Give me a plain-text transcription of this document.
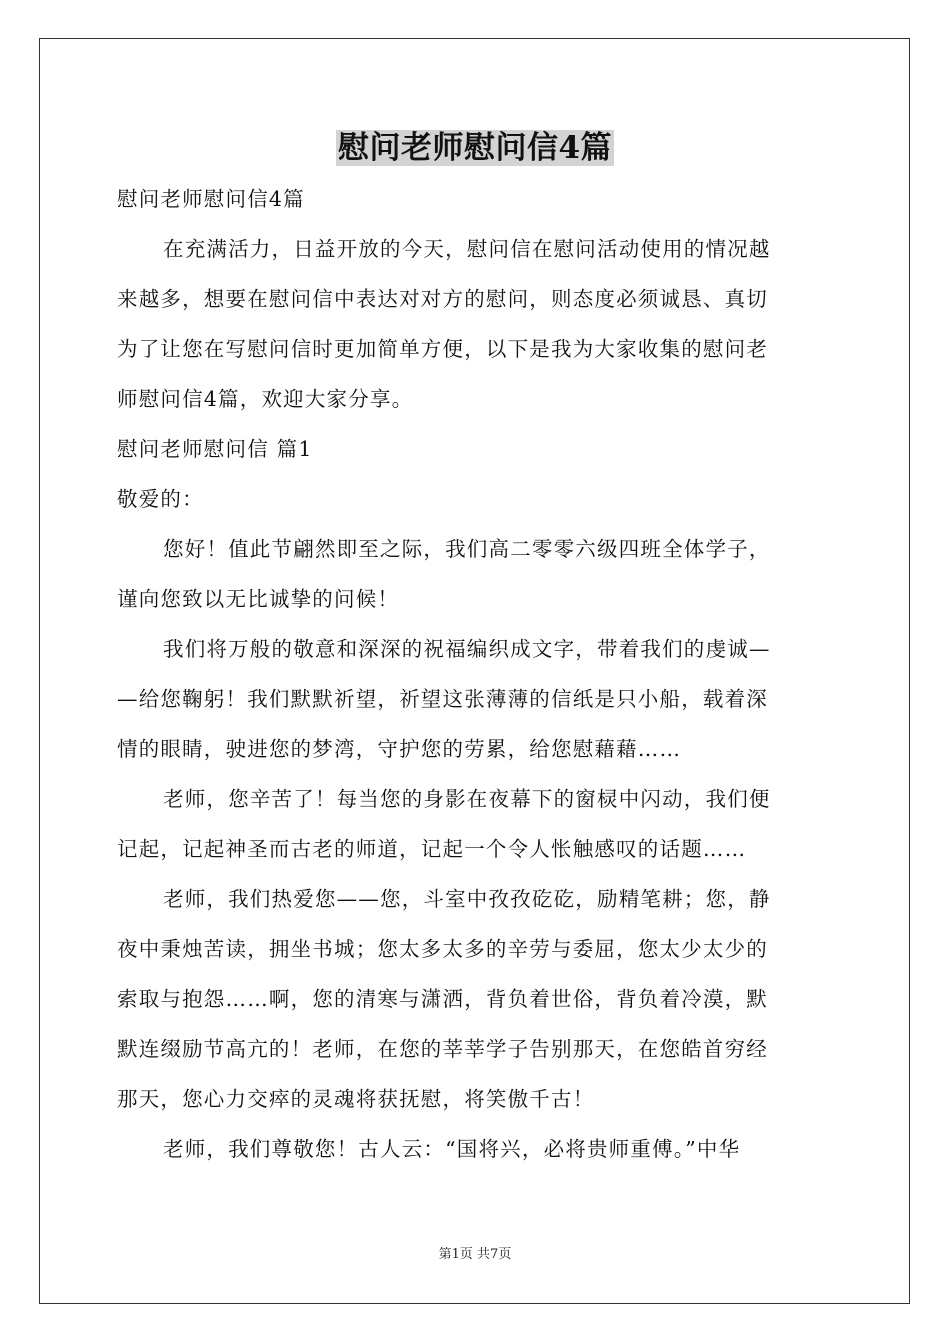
慰问老师慰问信4篇
慰问老师慰问信4篇
在充满活力，日益开放的今天，慰问信在慰问活动使用的情况越
来越多，想要在慰问信中表达对对方的慰问，则态度必须诚恳、真切
为了让您在写慰问信时更加简单方便，以下是我为大家收集的慰问老
师慰问信4篇，欢迎大家分享。
慰问老师慰问信 篇1
敬爱的：
您好！值此节翩然即至之际，我们高二零零六级四班全体学子，
谨向您致以无比诚挚的问候！
我们将万般的敬意和深深的祝福编织成文字，带着我们的虔诚—
—给您鞠躬！我们默默祈望，祈望这张薄薄的信纸是只小船，载着深
情的眼睛，驶进您的梦湾，守护您的劳累，给您慰藉藉……
老师，您辛苦了！每当您的身影在夜幕下的窗棂中闪动，我们便
记起，记起神圣而古老的师道，记起一个令人怅触感叹的话题……
老师，我们热爱您——您，斗室中孜孜矻矻，励精笔耕；您，静
夜中秉烛苦读，拥坐书城；您太多太多的辛劳与委屈，您太少太少的
索取与抱怨……啊，您的清寒与潇洒，背负着世俗，背负着冷漠，默
默连缀励节高亢的！老师，在您的莘莘学子告别那天，在您皓首穷经
那天，您心力交瘁的灵魂将获抚慰，将笑傲千古！
老师，我们尊敬您！古人云：“国将兴，必将贵师重傅。”中华
第1页 共7页
